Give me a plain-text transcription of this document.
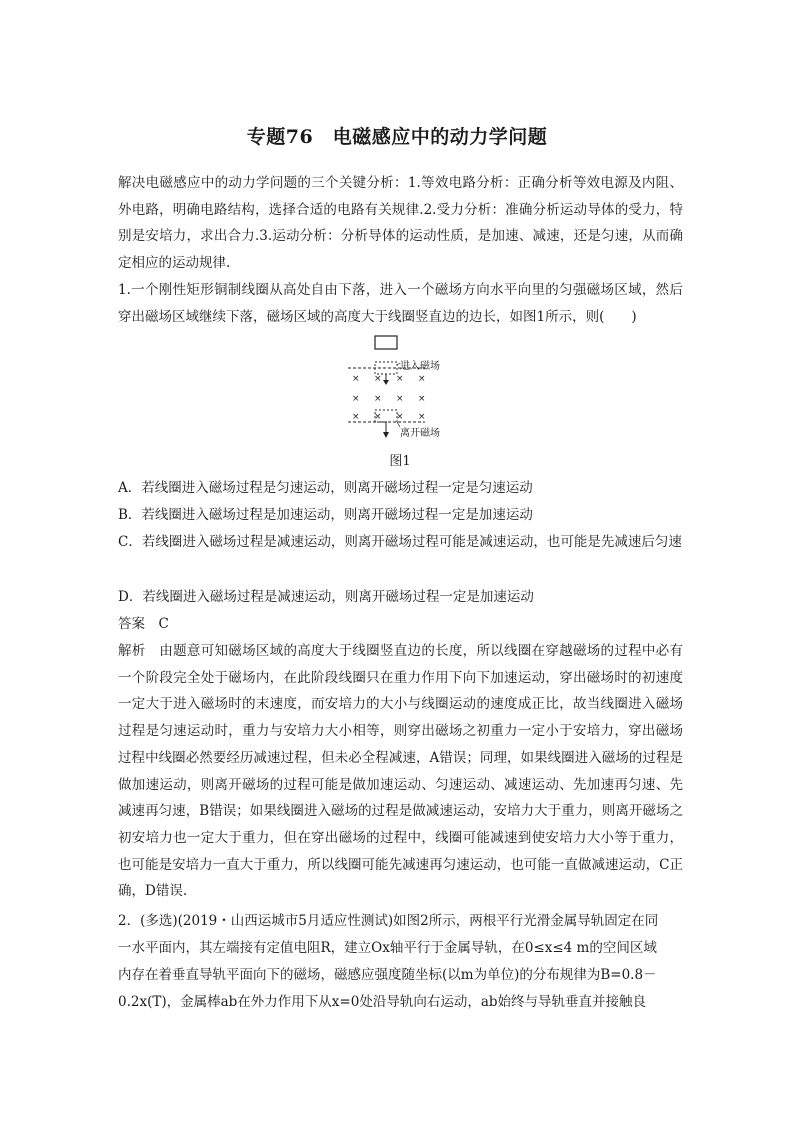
专题76　电磁感应中的动力学问题
解决电磁感应中的动力学问题的三个关键分析：1.等效电路分析：正确分析等效电源及内阻、外电路，明确电路结构，选择合适的电路有关规律.2.受力分析：准确分析运动导体的受力，特别是安培力，求出合力.3.运动分析：分析导体的运动性质，是加速、减速，还是匀速，从而确定相应的运动规律.
1.一个刚性矩形铜制线圈从高处自由下落，进入一个磁场方向水平向里的匀强磁场区域，然后穿出磁场区域继续下落，磁场区域的高度大于线圈竖直边的边长，如图1所示，则(　　)
× × × ×
× × × ×
× × × ×
进入磁场
离开磁场
图1
A．若线圈进入磁场过程是匀速运动，则离开磁场过程一定是匀速运动
B．若线圈进入磁场过程是加速运动，则离开磁场过程一定是加速运动
C．若线圈进入磁场过程是减速运动，则离开磁场过程可能是减速运动，也可能是先减速后匀速
D．若线圈进入磁场过程是减速运动，则离开磁场过程一定是加速运动
答案　C
解析　由题意可知磁场区域的高度大于线圈竖直边的长度，所以线圈在穿越磁场的过程中必有一个阶段完全处于磁场内，在此阶段线圈只在重力作用下向下加速运动，穿出磁场时的初速度一定大于进入磁场时的末速度，而安培力的大小与线圈运动的速度成正比，故当线圈进入磁场过程是匀速运动时，重力与安培力大小相等，则穿出磁场之初重力一定小于安培力，穿出磁场过程中线圈必然要经历减速过程，但未必全程减速，A错误；同理，如果线圈进入磁场的过程是做加速运动，则离开磁场的过程可能是做加速运动、匀速运动、减速运动、先加速再匀速、先减速再匀速，B错误；如果线圈进入磁场的过程是做减速运动，安培力大于重力，则离开磁场之初安培力也一定大于重力，但在穿出磁场的过程中，线圈可能减速到使安培力大小等于重力，也可能是安培力一直大于重力，所以线圈可能先减速再匀速运动，也可能一直做减速运动，C正确，D错误.
2．(多选)(2019・山西运城市5月适应性测试)如图2所示，两根平行光滑金属导轨固定在同
一水平面内，其左端接有定值电阻R，建立Ox轴平行于金属导轨，在0≤x≤4 m的空间区域
内存在着垂直导轨平面向下的磁场，磁感应强度随坐标(以m为单位)的分布规律为B=0.8－
0.2x(T)，金属棒ab在外力作用下从x=0处沿导轨向右运动，ab始终与导轨垂直并接触良
